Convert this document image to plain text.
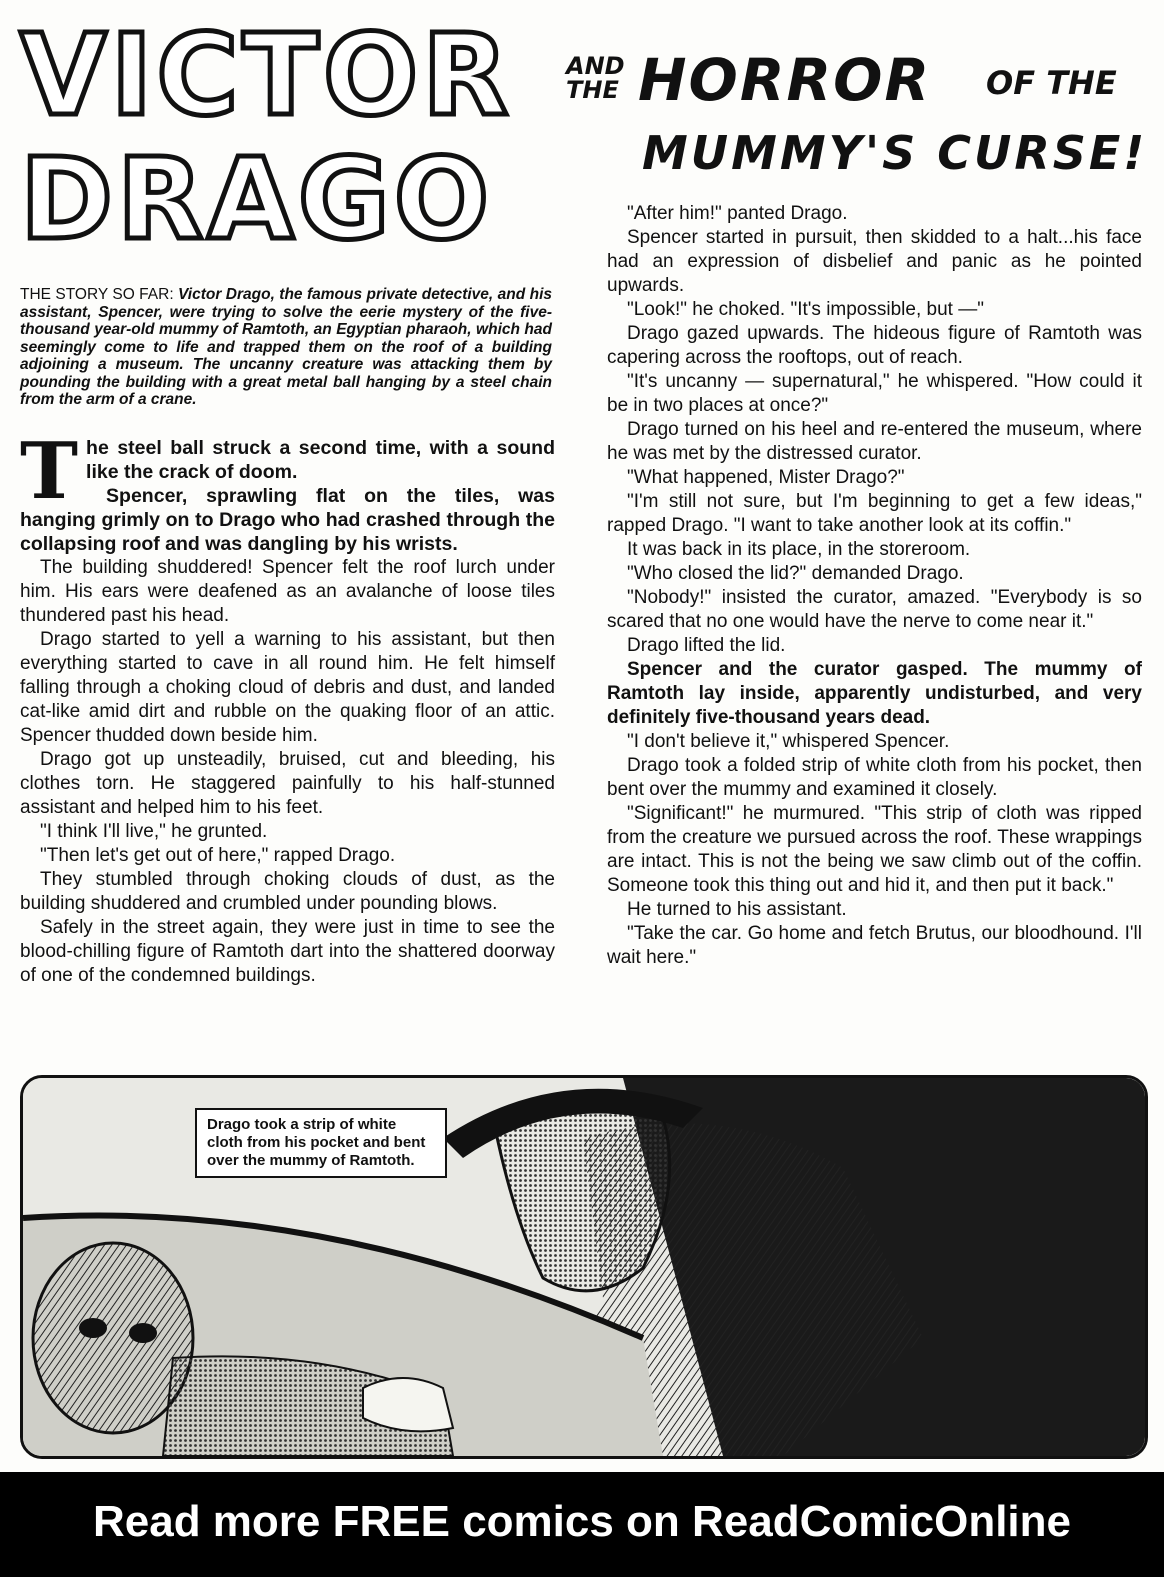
VICTOR
DRAGO
AND
THE HORROR OF THE
MUMMY'S CURSE!
THE STORY SO FAR: Victor Drago, the famous private detective, and his assistant, Spencer, were trying to solve the eerie mystery of the five-thousand year-old mummy of Ramtoth, an Egyptian pharaoh, which had seemingly come to life and trapped them on the roof of a building adjoining a museum. The uncanny creature was attacking them by pounding the building with a great metal ball hanging by a steel chain from the arm of a crane.
T he steel ball struck a second time, with a sound like the crack of doom.
Spencer, sprawling flat on the tiles, was hanging grimly on to Drago who had crashed through the collapsing roof and was dangling by his wrists.

The building shuddered! Spencer felt the roof lurch under him. His ears were deafened as an avalanche of loose tiles thundered past his head.

Drago started to yell a warning to his assistant, but then everything started to cave in all round him. He felt himself falling through a choking cloud of debris and dust, and landed cat-like amid dirt and rubble on the quaking floor of an attic. Spencer thudded down beside him.

Drago got up unsteadily, bruised, cut and bleeding, his clothes torn. He staggered painfully to his half-stunned assistant and helped him to his feet.

"I think I'll live," he grunted.

"Then let's get out of here," rapped Drago.

They stumbled through choking clouds of dust, as the building shuddered and crumbled under pounding blows.

Safely in the street again, they were just in time to see the blood-chilling figure of Ramtoth dart into the shattered doorway of one of the condemned buildings.

"After him!" panted Drago.

Spencer started in pursuit, then skidded to a halt...his face had an expression of disbelief and panic as he pointed upwards.

"Look!" he choked. "It's impossible, but —"

Drago gazed upwards. The hideous figure of Ramtoth was capering across the rooftops, out of reach.

"It's uncanny — supernatural," he whispered. "How could it be in two places at once?"

Drago turned on his heel and re-entered the museum, where he was met by the distressed curator.

"What happened, Mister Drago?"

"I'm still not sure, but I'm beginning to get a few ideas," rapped Drago. "I want to take another look at its coffin."

It was back in its place, in the storeroom.

"Who closed the lid?" demanded Drago.

"Nobody!" insisted the curator, amazed. "Everybody is so scared that no one would have the nerve to come near it."

Drago lifted the lid.

Spencer and the curator gasped. The mummy of Ramtoth lay inside, apparently undisturbed, and very definitely five-thousand years dead.

"I don't believe it," whispered Spencer.

Drago took a folded strip of white cloth from his pocket, then bent over the mummy and examined it closely.

"Significant!" he murmured. "This strip of cloth was ripped from the creature we pursued across the roof. These wrappings are intact. This is not the being we saw climb out of the coffin. Someone took this thing out and hid it, and then put it back."

He turned to his assistant.

"Take the car. Go home and fetch Brutus, our bloodhound. I'll wait here."

Drago took a strip of white cloth from his pocket and bent over the mummy of Ramtoth.
Read more FREE comics on ReadComicOnline
